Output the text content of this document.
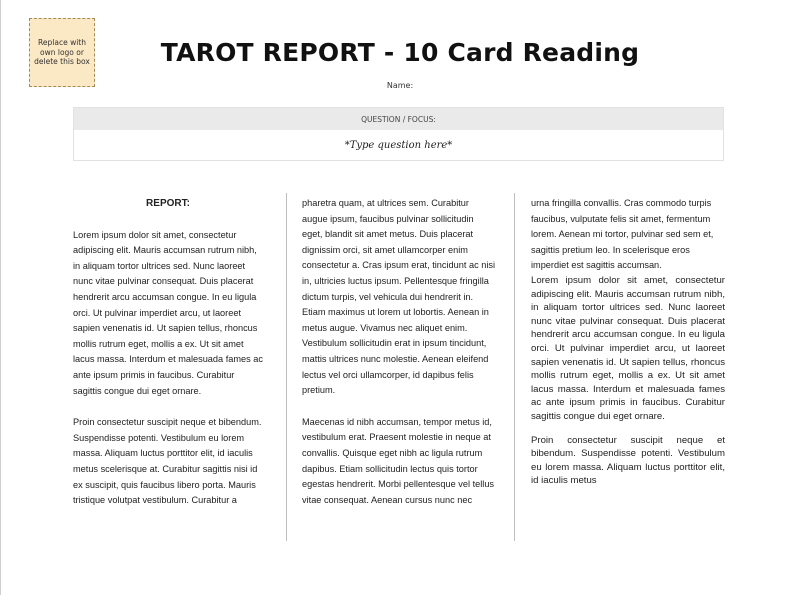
Replace with own logo or delete this box	TAROT REPORT - 10 Card Reading
Name:
QUESTION / FOCUS:
*Type question here*

REPORT:

Lorem ipsum dolor sit amet, consectetur adipiscing elit. Mauris accumsan rutrum nibh, in aliquam tortor ultrices sed. Nunc laoreet nunc vitae pulvinar consequat. Duis placerat hendrerit arcu accumsan congue. In eu ligula orci. Ut pulvinar imperdiet arcu, ut laoreet sapien venenatis id. Ut sapien tellus, rhoncus mollis rutrum eget, mollis a ex. Ut sit amet lacus massa. Interdum et malesuada fames ac ante ipsum primis in faucibus. Curabitur sagittis congue dui eget ornare.

Proin consectetur suscipit neque et bibendum. Suspendisse potenti. Vestibulum eu lorem massa. Aliquam luctus porttitor elit, id iaculis metus scelerisque at. Curabitur sagittis nisi id ex suscipit, quis faucibus libero porta. Mauris tristique volutpat vestibulum. Curabitur a

pharetra quam, at ultrices sem. Curabitur augue ipsum, faucibus pulvinar sollicitudin eget, blandit sit amet metus. Duis placerat dignissim orci, sit amet ullamcorper enim consectetur a. Cras ipsum erat, tincidunt ac nisi in, ultricies luctus ipsum. Pellentesque fringilla dictum turpis, vel vehicula dui hendrerit in. Etiam maximus ut lorem ut lobortis. Aenean in metus augue. Vivamus nec aliquet enim. Vestibulum sollicitudin erat in ipsum tincidunt, mattis ultrices nunc molestie. Aenean eleifend lectus vel orci ullamcorper, id dapibus felis pretium.

Maecenas id nibh accumsan, tempor metus id, vestibulum erat. Praesent molestie in neque at convallis. Quisque eget nibh ac ligula rutrum dapibus. Etiam sollicitudin lectus quis tortor egestas hendrerit. Morbi pellentesque vel tellus vitae consequat. Aenean cursus nunc nec

urna fringilla convallis. Cras commodo turpis faucibus, vulputate felis sit amet, fermentum lorem. Aenean mi tortor, pulvinar sed sem et, sagittis pretium leo. In scelerisque eros imperdiet est sagittis accumsan.

Lorem ipsum dolor sit amet, consectetur adipiscing elit. Mauris accumsan rutrum nibh, in aliquam tortor ultrices sed. Nunc laoreet nunc vitae pulvinar consequat. Duis placerat hendrerit arcu accumsan congue. In eu ligula orci. Ut pulvinar imperdiet arcu, ut laoreet sapien venenatis id. Ut sapien tellus, rhoncus mollis rutrum eget, mollis a ex. Ut sit amet lacus massa. Interdum et malesuada fames ac ante ipsum primis in faucibus. Curabitur sagittis congue dui eget ornare.

Proin consectetur suscipit neque et bibendum. Suspendisse potenti. Vestibulum eu lorem massa. Aliquam luctus porttitor elit, id iaculis metus
